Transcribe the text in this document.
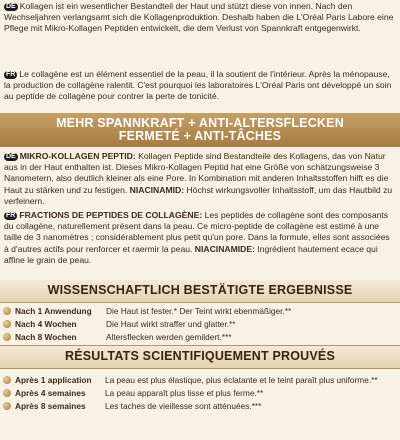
DE Kollagen ist ein wesentlicher Bestandteil der Haut und stützt diese von innen. Nach den Wechseljahren verlangsamt sich die Kollagenproduktion. Deshalb haben die L'Oréal Paris Labore eine Pflege mit Mikro-Kollagen Peptiden entwickelt, die dem Verlust von Spannkraft entgegenwirkt.

FR Le collagène est un élément essentiel de la peau, il la soutient de l'intérieur. Après la ménopause, la production de collagène ralentit. C'est pourquoi les laboratoires L'Oréal Paris ont développé un soin au peptide de collagène pour contrer la perte de tonicité.

MEHR SPANNKRAFT + ANTI-ALTERSFLECKEN
FERMETÉ + ANTI-TÂCHES

DE MIKRO-KOLLAGEN PEPTID: Kollagen Peptide sind Bestandteile des Kollagens, das von Natur aus in der Haut enthalten ist. Dieses Mikro-Kollagen Peptid hat eine Größe von schätzungsweise 3 Nanometern, also deutlich kleiner als eine Pore. In Kombination mit anderen Inhaltsstoffen hilft es die Haut zu stärken und zu festigen. NIACINAMID: Höchst wirkungsvoller Inhaltsstoff, um das Hautbild zu verfeinern.

FR FRACTIONS DE PEPTIDES DE COLLAGÈNE: Les peptides de collagène sont des composants du collagène, naturellement présent dans la peau. Ce micro-peptide de collagène est estimé à une taille de 3 nanomètres ; considérablement plus petit qu'un pore. Dans la formule, elles sont associées à d'autres actifs pour renforcer et raermir la peau. NIACINAMIDE: Ingrédient hautement ecace qui affine le grain de peau.

WISSENSCHAFTLICH BESTÄTIGTE ERGEBNISSE
Nach 1 Anwendung Die Haut ist fester.* Der Teint wirkt ebenmäßiger.**
Nach 4 Wochen	Die Haut wirkt straffer und glatter.**
Nach 8 Wochen	Altersflecken werden gemildert.***
RÉSULTATS SCIENTIFIQUEMENT PROUVÉS
Après 1 application La peau est plus élastique, plus éclatante et le teint paraît plus uniforme.**
Après 4 semaines La peau apparaît plus lisse et plus ferme.**
Après 8 semaines Les taches de vieillesse sont atténuées.***
